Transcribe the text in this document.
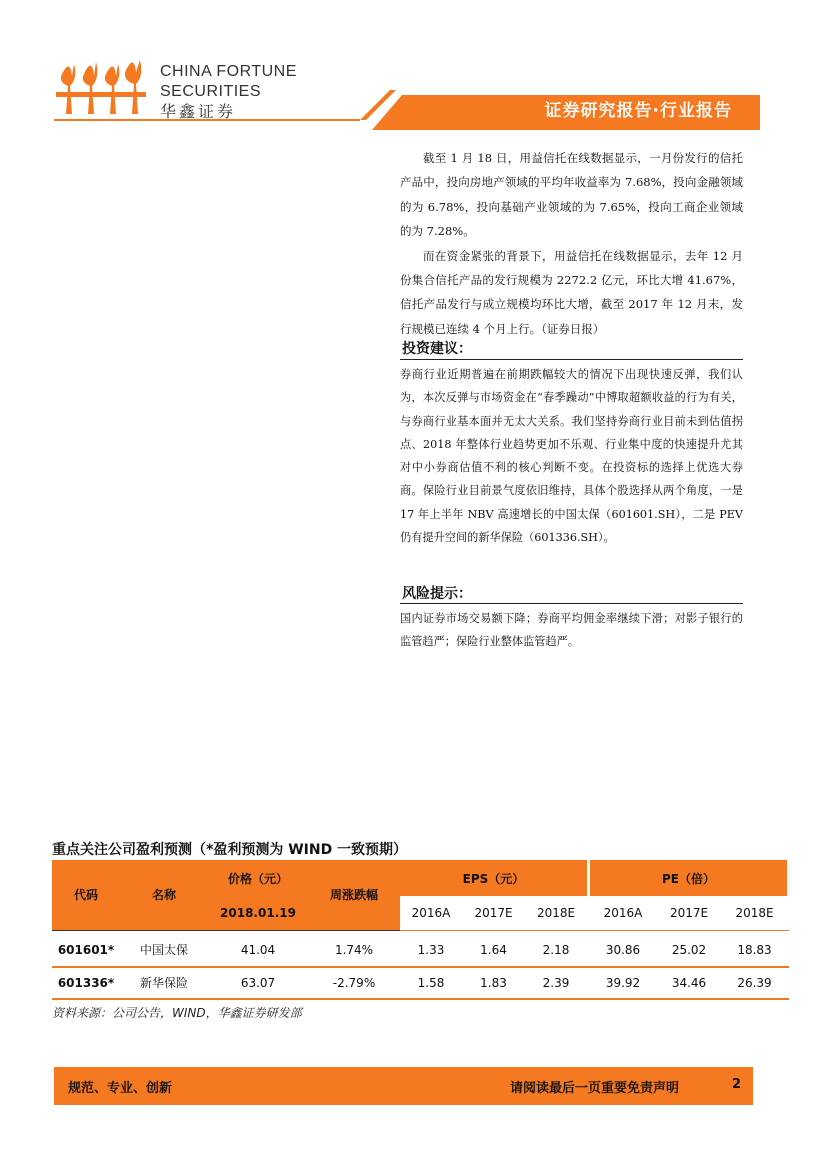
CHINA FORTUNE
SECURITIES
华鑫证券	证券研究报告·行业报告

截至 1 月 18 日，用益信托在线数据显示，一月份发行的信托产品中，投向房地产领域的平均年收益率为 7.68%，投向金融领域的为 6.78%，投向基础产业领域的为 7.65%，投向工商企业领域的为 7.28%。

而在资金紧张的背景下，用益信托在线数据显示，去年 12 月份集合信托产品的发行规模为 2272.2 亿元，环比大增 41.67%，信托产品发行与成立规模均环比大增，截至 2017 年 12 月末，发行规模已连续 4 个月上行。（证券日报）

投资建议：

券商行业近期普遍在前期跌幅较大的情况下出现快速反弹，我们认为，本次反弹与市场资金在“春季躁动”中博取超额收益的行为有关，与券商行业基本面并无太大关系。我们坚持券商行业目前未到估值拐点、2018 年整体行业趋势更加不乐观、行业集中度的快速提升尤其对中小券商估值不利的核心判断不变。在投资标的选择上优选大券商。保险行业目前景气度依旧维持，具体个股选择从两个角度，一是 17 年上半年 NBV 高速增长的中国太保（601601.SH），二是 PEV 仍有提升空间的新华保险（601336.SH）。

风险提示：

国内证券市场交易额下降；券商平均佣金率继续下滑；对影子银行的监管趋严；保险行业整体监管趋严。

重点关注公司盈利预测（*盈利预测为 WIND 一致预期）
代码	名称	价格（元）	周涨跌幅	EPS（元）				PE（倍）			
		2018.01.19		2016A	2017E	2018E		2016A	2017E	2018E	

601601*	中国太保	41.04	1.74%	1.33	1.64	2.18		30.86	25.02	18.83	
601336*	新华保险	63.07	-2.79%	1.58	1.83	2.39		39.92	34.46	26.39	
资料来源：公司公告，WIND，华鑫证券研发部
规范、专业、创新	请阅读最后一页重要免责声明	2
